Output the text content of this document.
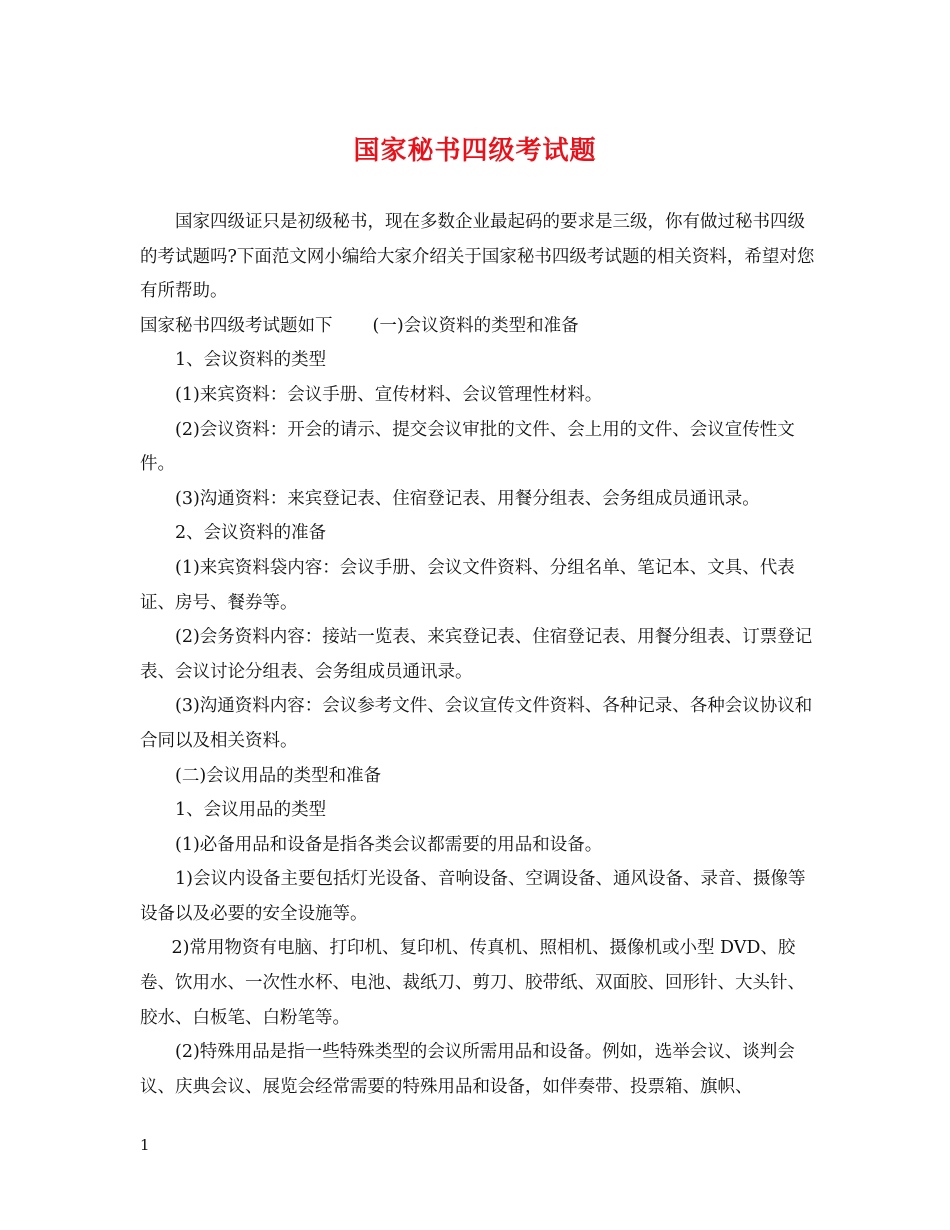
国家秘书四级考试题

国家四级证只是初级秘书，现在多数企业最起码的要求是三级，你有做过秘书四级的考试题吗?下面范文网小编给大家介绍关于国家秘书四级考试题的相关资料，希望对您有所帮助。

国家秘书四级考试题如下 (一)会议资料的类型和准备

1、会议资料的类型

(1)来宾资料：会议手册、宣传材料、会议管理性材料。

(2)会议资料：开会的请示、提交会议审批的文件、会上用的文件、会议宣传性文件。

(3)沟通资料：来宾登记表、住宿登记表、用餐分组表、会务组成员通讯录。

2、会议资料的准备

(1)来宾资料袋内容：会议手册、会议文件资料、分组名单、笔记本、文具、代表证、房号、餐券等。

(2)会务资料内容：接站一览表、来宾登记表、住宿登记表、用餐分组表、订票登记表、会议讨论分组表、会务组成员通讯录。

(3)沟通资料内容：会议参考文件、会议宣传文件资料、各种记录、各种会议协议和合同以及相关资料。

(二)会议用品的类型和准备

1、会议用品的类型

(1)必备用品和设备是指各类会议都需要的用品和设备。

1)会议内设备主要包括灯光设备、音响设备、空调设备、通风设备、录音、摄像等设备以及必要的安全设施等。

2)常用物资有电脑、打印机、复印机、传真机、照相机、摄像机或小型 DVD、胶卷、饮用水、一次性水杯、电池、裁纸刀、剪刀、胶带纸、双面胶、回形针、大头针、胶水、白板笔、白粉笔等。

(2)特殊用品是指一些特殊类型的会议所需用品和设备。例如，选举会议、谈判会议、庆典会议、展览会经常需要的特殊用品和设备，如伴奏带、投票箱、旗帜、

1
